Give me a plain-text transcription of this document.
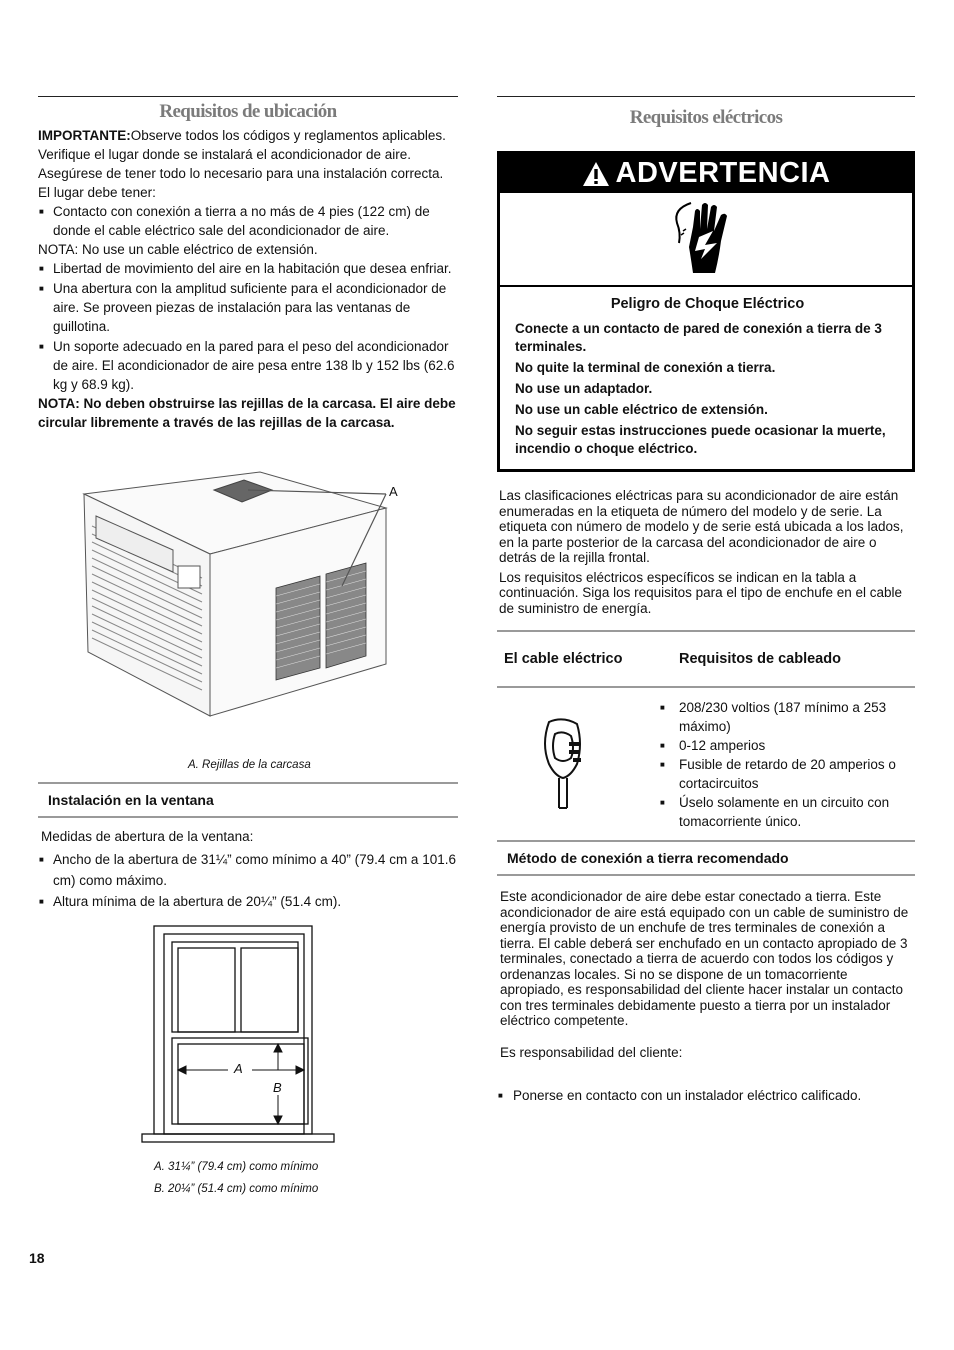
Requisitos de ubicación

IMPORTANTE:Observe todos los códigos y reglamentos aplicables.

Verifique el lugar donde se instalará el acondicionador de aire.

Asegúrese de tener todo lo necesario para una instalación correcta.

El lugar debe tener:

■ Contacto con conexión a tierra a no más de 4 pies (122 cm) de donde el cable eléctrico sale del acondicionador de aire.

NOTA: No use un cable eléctrico de extensión.

■ Libertad de movimiento del aire en la habitación que desea enfriar.

■ Una abertura con la amplitud suficiente para el acondicionador de aire. Se proveen piezas de instalación para las ventanas de guillotina.

■ Un soporte adecuado en la pared para el peso del acondicionador de aire. El acondicionador de aire pesa entre 138 lb y 152 lbs (62.6 kg y 68.9 kg).

NOTA: No deben obstruirse las rejillas de la carcasa. El aire debe circular libremente a través de las rejillas de la carcasa.

A
A. Rejillas de la carcasa
Instalación en la ventana

Medidas de abertura de la ventana:

■ Ancho de la abertura de 31¼” como mínimo a 40” (79.4 cm a 101.6 cm) como máximo.

■ Altura mínima de la abertura de 20¼” (51.4 cm).

A
B
A. 31¼” (79.4 cm) como mínimo
B. 20¼” (51.4 cm) como mínimo
Requisitos eléctricos
ADVERTENCIA
Peligro de Choque Eléctrico

Conecte a un contacto de pared de conexión a tierra de 3 terminales.

No quite la terminal de conexión a tierra.

No use un adaptador.

No use un cable eléctrico de extensión.

No seguir estas instrucciones puede ocasionar la muerte, incendio o choque eléctrico.

Las clasificaciones eléctricas para su acondicionador de aire están enumeradas en la etiqueta de número del modelo y de serie. La etiqueta con número de modelo y de serie está ubicada a los lados, en la parte posterior de la carcasa del acondicionador de aire o detrás de la rejilla frontal.

Los requisitos eléctricos específicos se indican en la tabla a continuación. Siga los requisitos para el tipo de enchufe en el cable de suministro de energía.

El cable eléctrico	Requisitos de cableado

■ 208/230 voltios (187 mínimo a 253 máximo)

■ 0-12 amperios

■ Fusible de retardo de 20 amperios o cortacircuitos

■ Úselo solamente en un circuito con tomacorriente único.

Método de conexión a tierra recomendado

Este acondicionador de aire debe estar conectado a tierra. Este acondicionador de aire está equipado con un cable de suministro de energía provisto de un enchufe de tres terminales de conexión a tierra. El cable deberá ser enchufado en un contacto apropiado de 3 terminales, conectado a tierra de acuerdo con todos los códigos y ordenanzas locales. Si no se dispone de un tomacorriente apropiado, es responsabilidad del cliente hacer instalar un contacto con tres terminales debidamente puesto a tierra por un instalador eléctrico competente.

Es responsabilidad del cliente:

■ Ponerse en contacto con un instalador eléctrico calificado.

18
